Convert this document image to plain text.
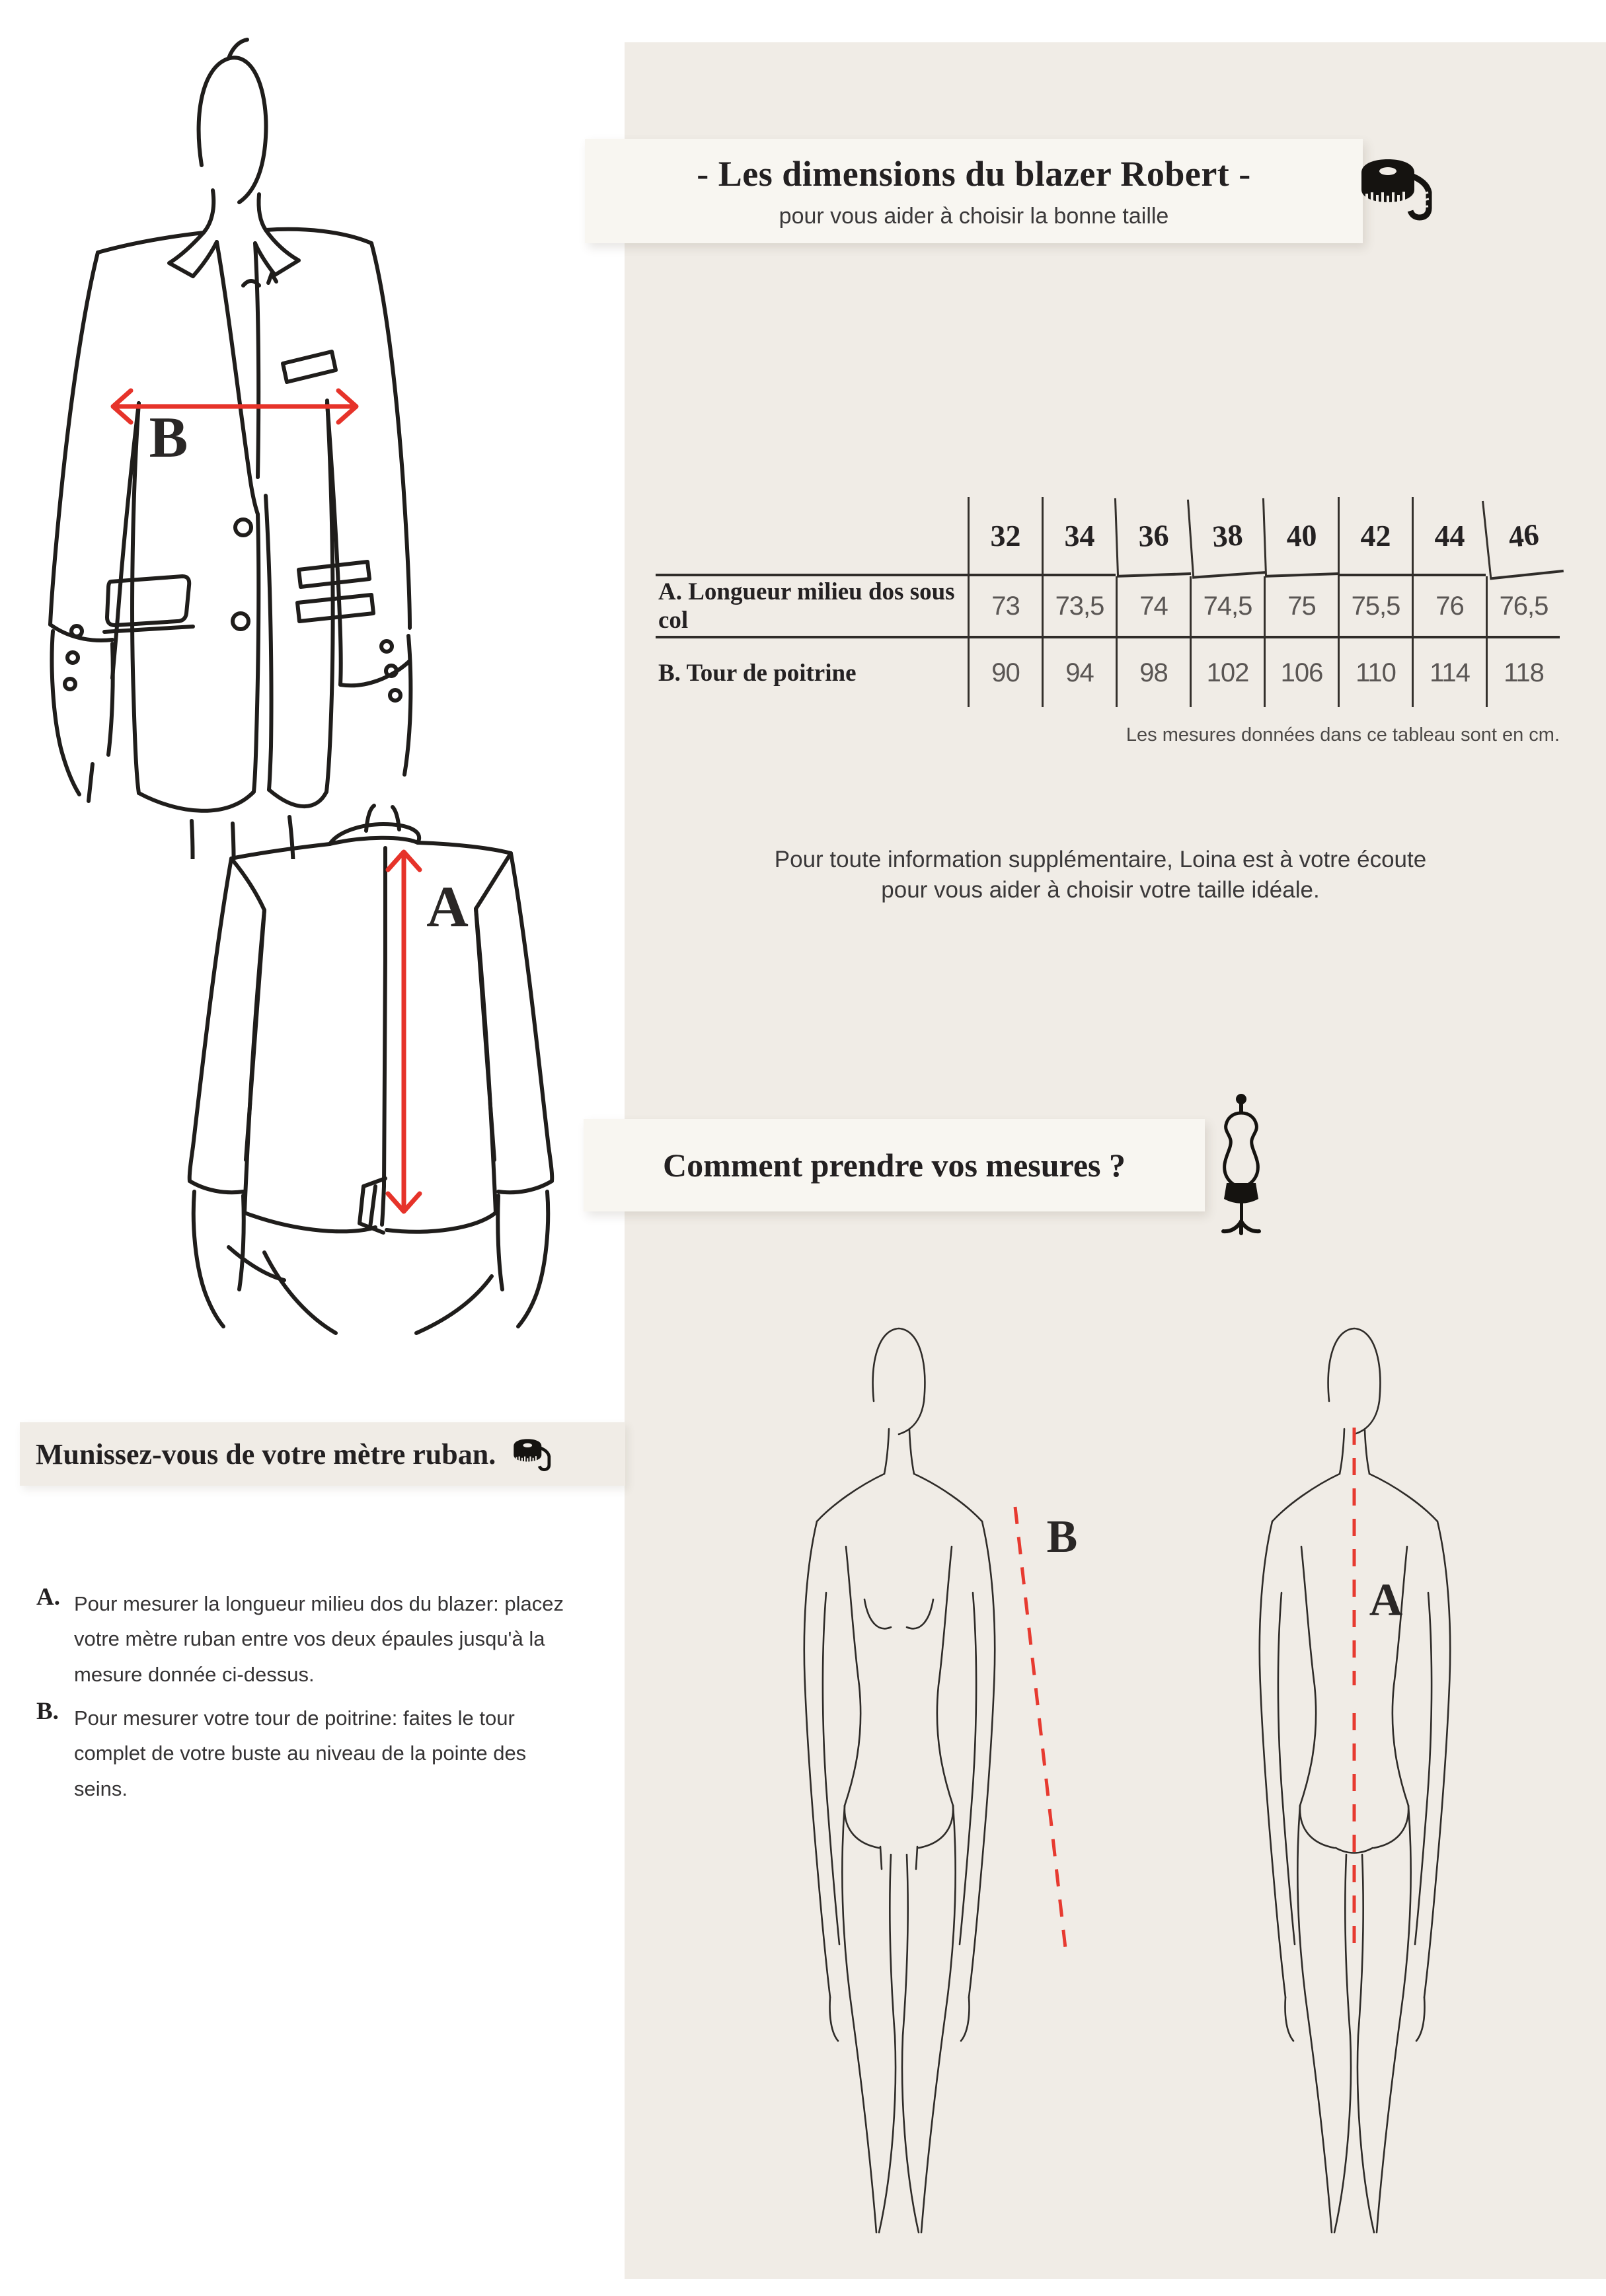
- Les dimensions du blazer Robert -
pour vous aider à choisir la bonne taille
32	34	36	38	40	42	44	46
A. Longueur milieu dos sous col	73	73,5	74	74,5	75	75,5	76	76,5
B. Tour de poitrine	90	94	98	102	106	110	114	118
Les mesures données dans ce tableau sont en cm.
Pour toute information supplémentaire, Loina est à votre écoute
pour vous aider à choisir votre taille idéale.
Comment prendre vos mesures ?
B
A
B
A
Munissez-vous de votre mètre ruban.
A. Pour mesurer la longueur milieu dos du blazer: placez votre mètre ruban entre vos deux épaules jusqu'à la mesure donnée ci-dessus.
B. Pour mesurer votre tour de poitrine: faites le tour complet de votre buste au niveau de la pointe des seins.
